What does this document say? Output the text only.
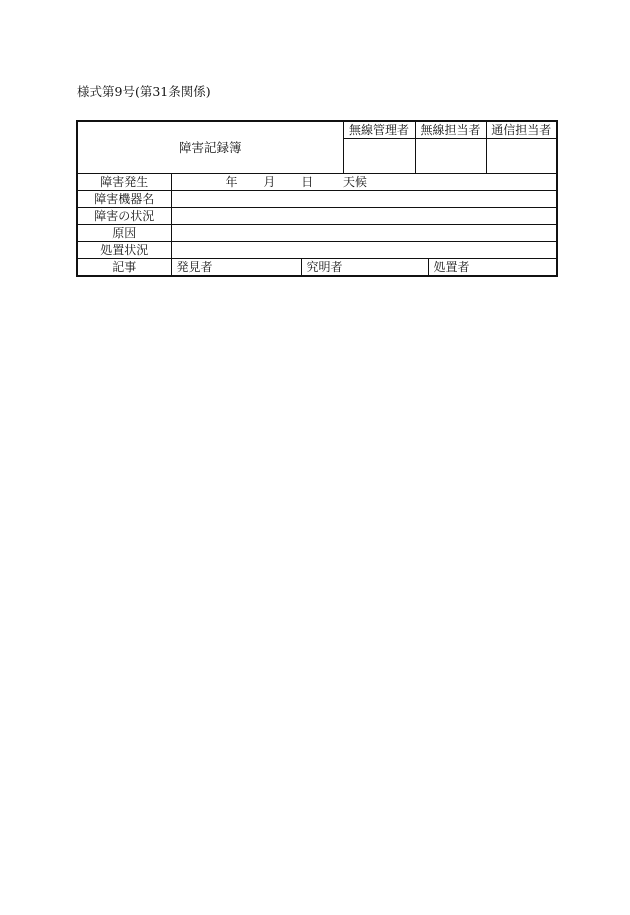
様式第9号(第31条関係)
障害記録簿		無線管理者	無線担当者	通信担当者

障害発生	年 月 日 天候			
障害機器名				
障害の状況				
原因				
処置状況				
記事	発見者 究明者 処置者			
